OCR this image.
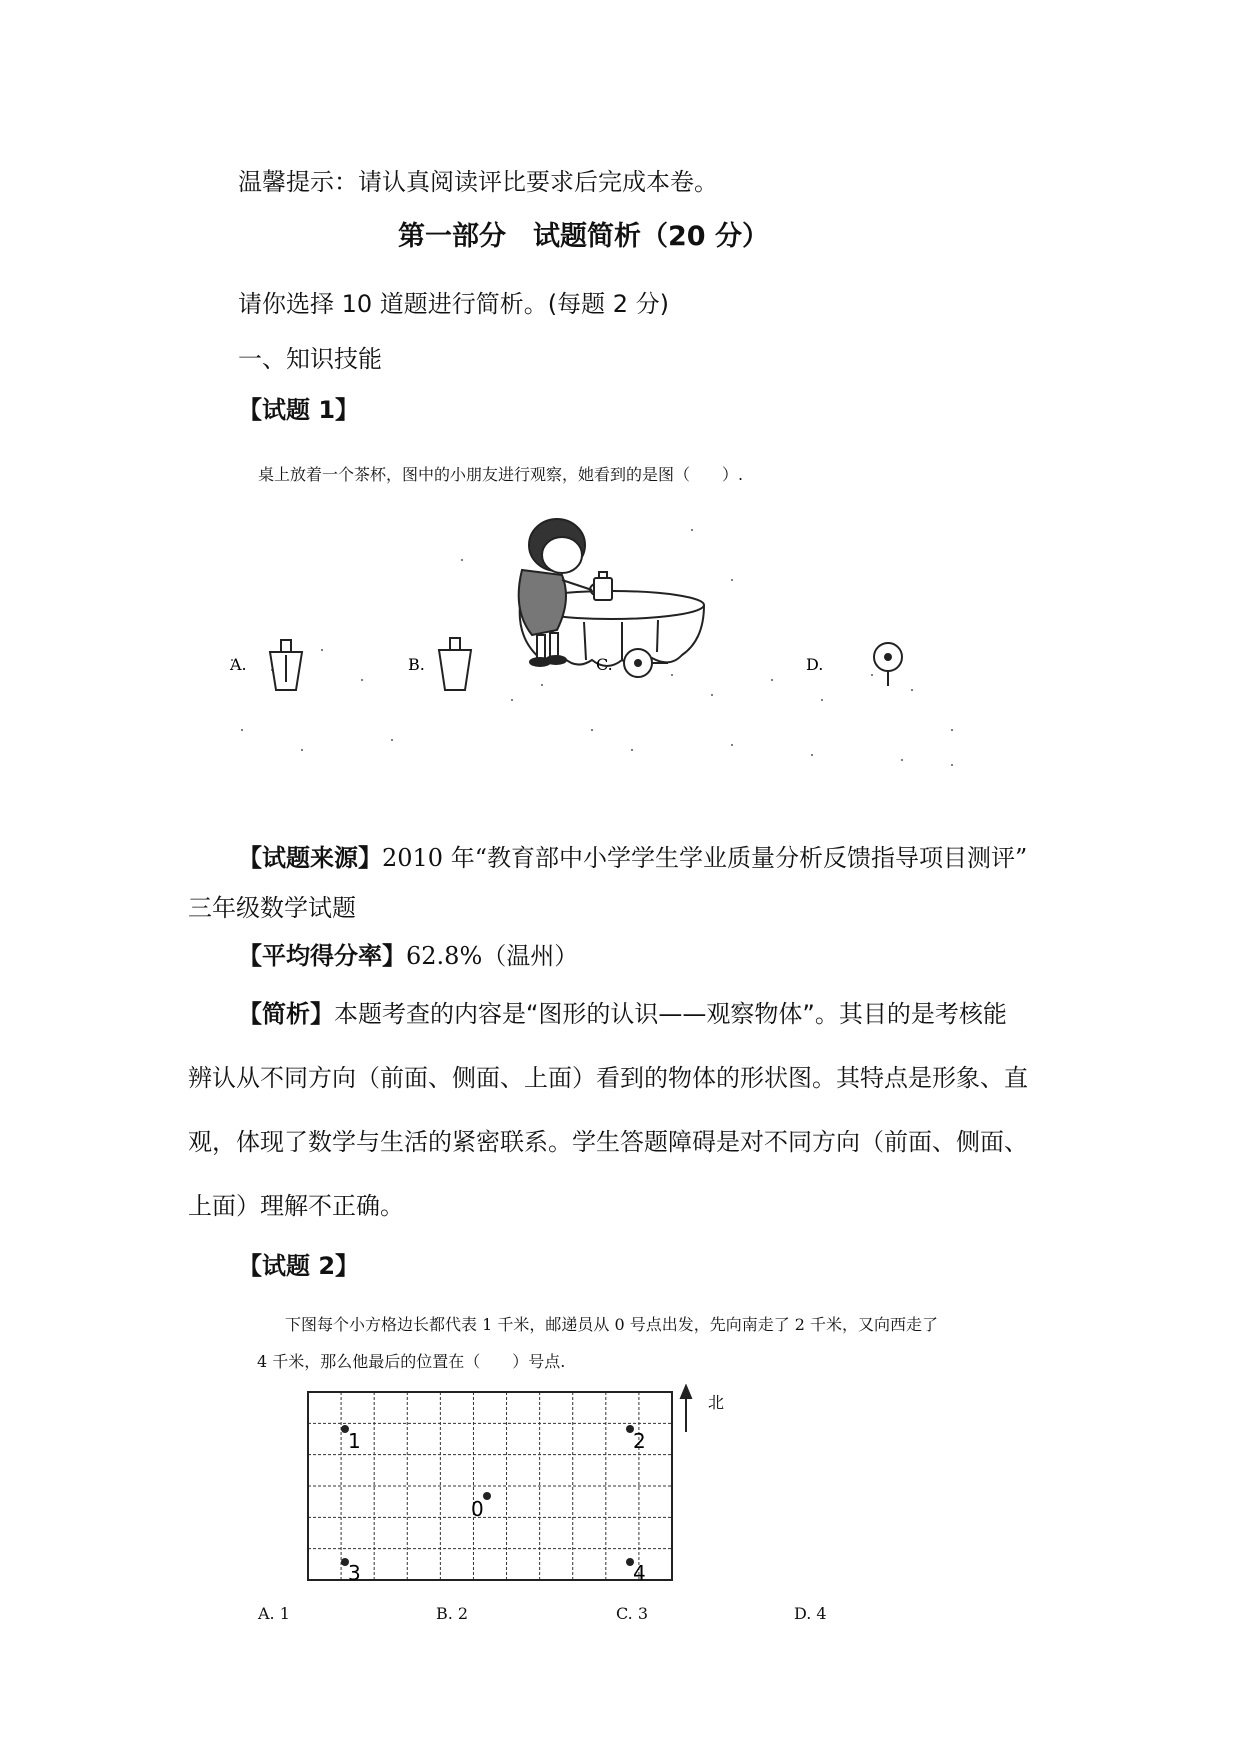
温馨提示：请认真阅读评比要求后完成本卷。
第一部分　试题简析（20 分）
请你选择 10 道题进行简析。(每题 2 分)
一、知识技能
【试题 1】
桌上放着一个茶杯，图中的小朋友进行观察，她看到的是图（　　）.
A.	B.	C.	D.
【试题来源】2010 年“教育部中小学学生学业质量分析反馈指导项目测评”
三年级数学试题
【平均得分率】62.8%（温州）
【简析】本题考查的内容是“图形的认识——观察物体”。其目的是考核能
辨认从不同方向（前面、侧面、上面）看到的物体的形状图。其特点是形象、直
观，体现了数学与生活的紧密联系。学生答题障碍是对不同方向（前面、侧面、
上面）理解不正确。
【试题 2】
下图每个小方格边长都代表 1 千米，邮递员从 0 号点出发，先向南走了 2 千米，又向西走了
4 千米，那么他最后的位置在（　　）号点.
北
1	2
0
3	4
A. 1	B. 2	C. 3	D. 4
